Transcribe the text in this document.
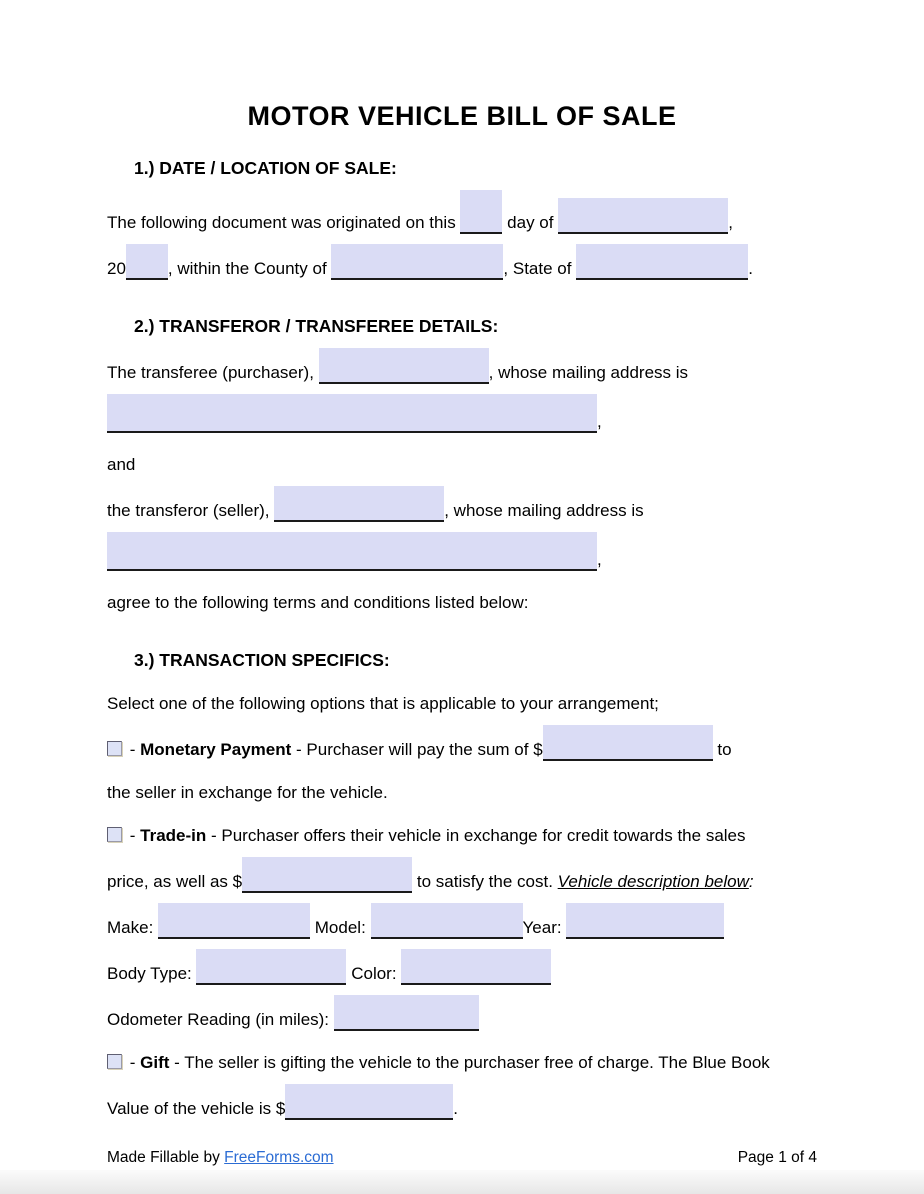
MOTOR VEHICLE BILL OF SALE
1.) DATE / LOCATION OF SALE:

The following document was originated on this	day of	,

20 , within the County of	, State of	.

2.) TRANSFEROR / TRANSFEREE DETAILS:

The transferee (purchaser),	, whose mailing address is

,

and

the transferor (seller),	, whose mailing address is

,

agree to the following terms and conditions listed below:

3.) TRANSACTION SPECIFICS:

Select one of the following options that is applicable to your arrangement;

- Monetary Payment - Purchaser will pay the sum of $	to

the seller in exchange for the vehicle.

- Trade-in - Purchaser offers their vehicle in exchange for credit towards the sales

price, as well as $	to satisfy the cost. Vehicle description below:

Make:	Model:	Year:

Body Type:	Color:

Odometer Reading (in miles):

- Gift - The seller is gifting the vehicle to the purchaser free of charge. The Blue Book

Value of the vehicle is $	.

Made Fillable by FreeForms.com	Page 1 of 4
